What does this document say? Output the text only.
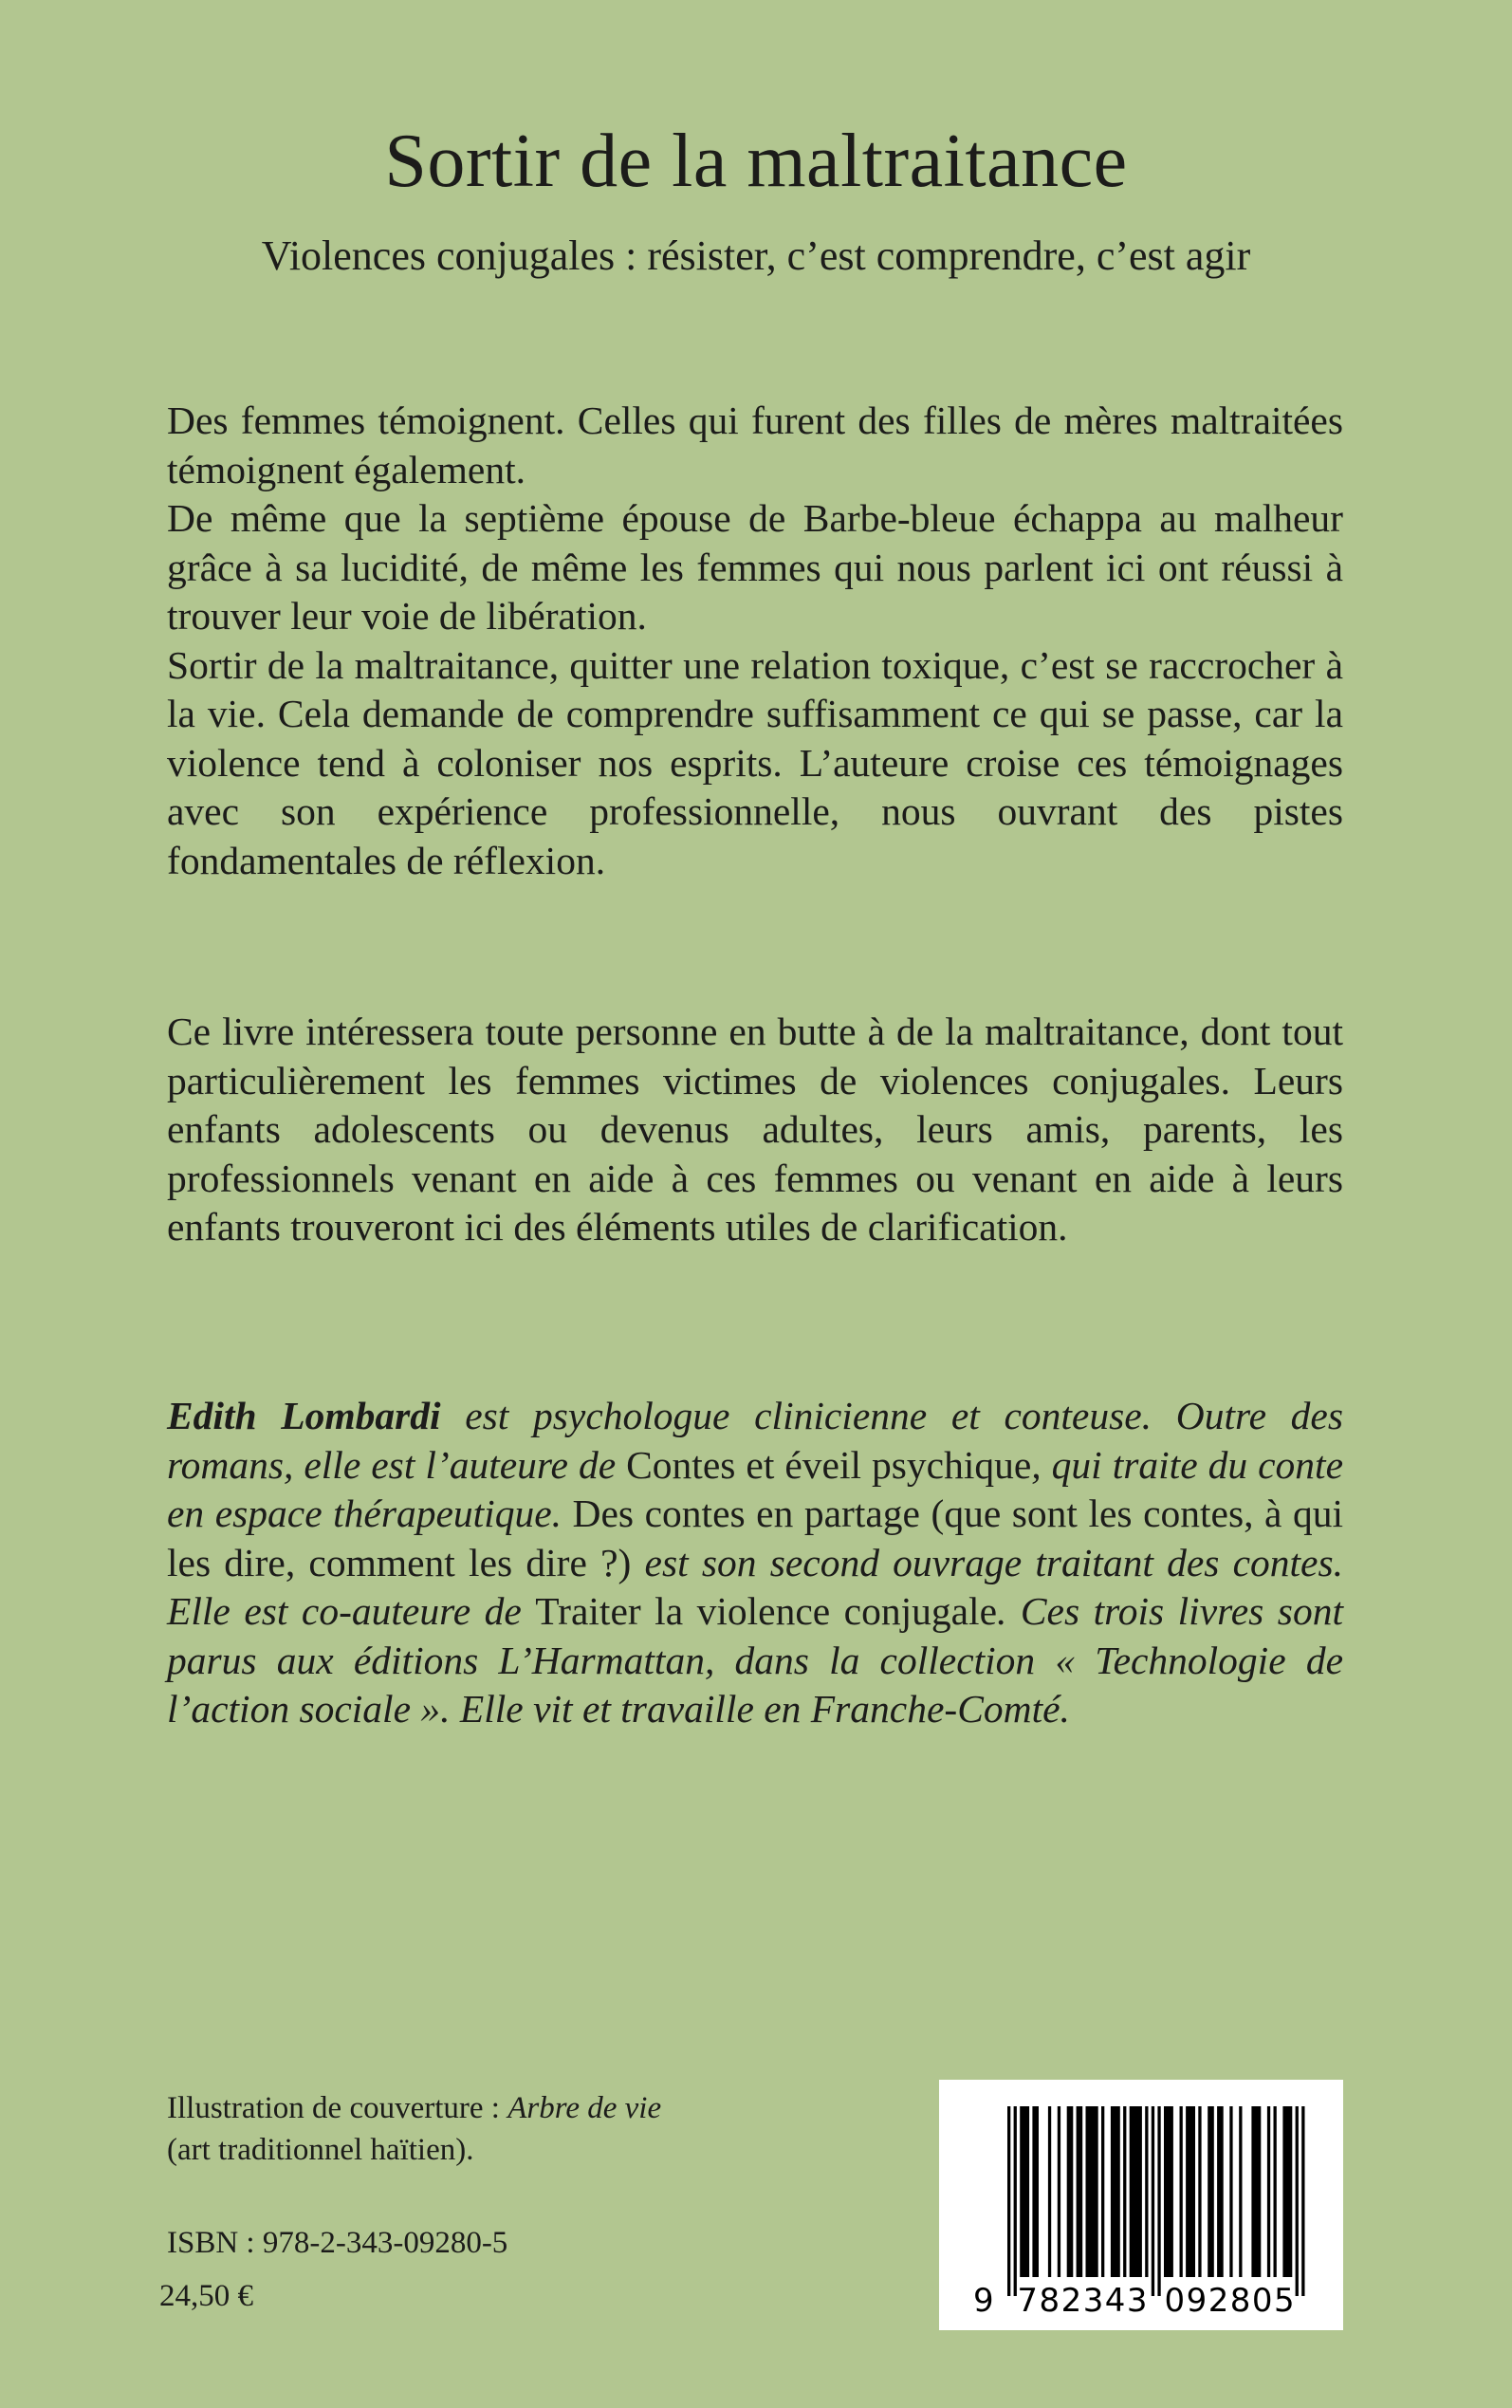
Sortir de la maltraitance
Violences conjugales : résister, c’est comprendre, c’est agir

Des femmes témoignent. Celles qui furent des filles de mères maltraitées témoignent également.

De même que la septième épouse de Barbe-bleue échappa au malheur grâce à sa lucidité, de même les femmes qui nous parlent ici ont réussi à trouver leur voie de libération.

Sortir de la maltraitance, quitter une relation toxique, c’est se raccrocher à la vie. Cela demande de comprendre suffisamment ce qui se passe, car la violence tend à coloniser nos esprits. L’auteure croise ces témoignages avec son expérience professionnelle, nous ouvrant des pistes fondamentales de réflexion.

Ce livre intéressera toute personne en butte à de la maltraitance, dont tout particulièrement les femmes victimes de violences conjugales. Leurs enfants adolescents ou devenus adultes, leurs amis, parents, les professionnels venant en aide à ces femmes ou venant en aide à leurs enfants trouveront ici des éléments utiles de clarification.

Edith Lombardi est psychologue clinicienne et conteuse. Outre des romans, elle est l’auteure de Contes et éveil psychique, qui traite du conte en espace thérapeutique. Des contes en partage (que sont les contes, à qui les dire, comment les dire ?) est son second ouvrage traitant des contes. Elle est co-auteure de Traiter la violence conjugale. Ces trois livres sont parus aux éditions L’Harmattan, dans la collection « Technologie de l’action sociale ». Elle vit et travaille en Franche-Comté.

Illustration de couverture : Arbre de vie
(art traditionnel haïtien).

ISBN : 978-2-343-09280-5

24,50 €	9 7 8 2 3 4 3 0 9 2 8 0 5
